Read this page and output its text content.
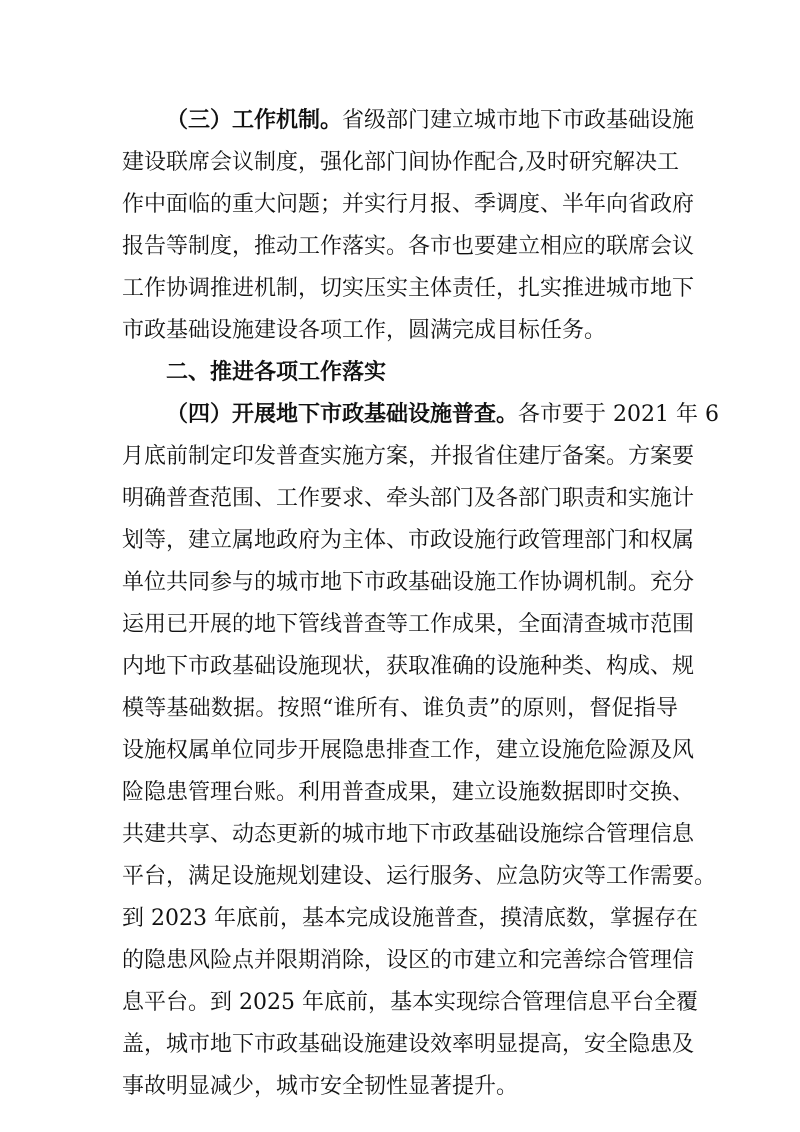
（三）工作机制。省级部门建立城市地下市政基础设施
建设联席会议制度，强化部门间协作配合,及时研究解决工
作中面临的重大问题；并实行月报、季调度、半年向省政府
报告等制度，推动工作落实。各市也要建立相应的联席会议
工作协调推进机制，切实压实主体责任，扎实推进城市地下
市政基础设施建设各项工作，圆满完成目标任务。
二、推进各项工作落实
（四）开展地下市政基础设施普查。各市要于 2021 年 6
月底前制定印发普查实施方案，并报省住建厅备案。方案要
明确普查范围、工作要求、牵头部门及各部门职责和实施计
划等，建立属地政府为主体、市政设施行政管理部门和权属
单位共同参与的城市地下市政基础设施工作协调机制。充分
运用已开展的地下管线普查等工作成果，全面清查城市范围
内地下市政基础设施现状，获取准确的设施种类、构成、规
模等基础数据。按照“谁所有、谁负责”的原则，督促指导
设施权属单位同步开展隐患排查工作，建立设施危险源及风
险隐患管理台账。利用普查成果，建立设施数据即时交换、
共建共享、动态更新的城市地下市政基础设施综合管理信息
平台，满足设施规划建设、运行服务、应急防灾等工作需要。
到 2023 年底前，基本完成设施普查，摸清底数，掌握存在
的隐患风险点并限期消除，设区的市建立和完善综合管理信
息平台。到 2025 年底前，基本实现综合管理信息平台全覆
盖，城市地下市政基础设施建设效率明显提高，安全隐患及
事故明显减少，城市安全韧性显著提升。
